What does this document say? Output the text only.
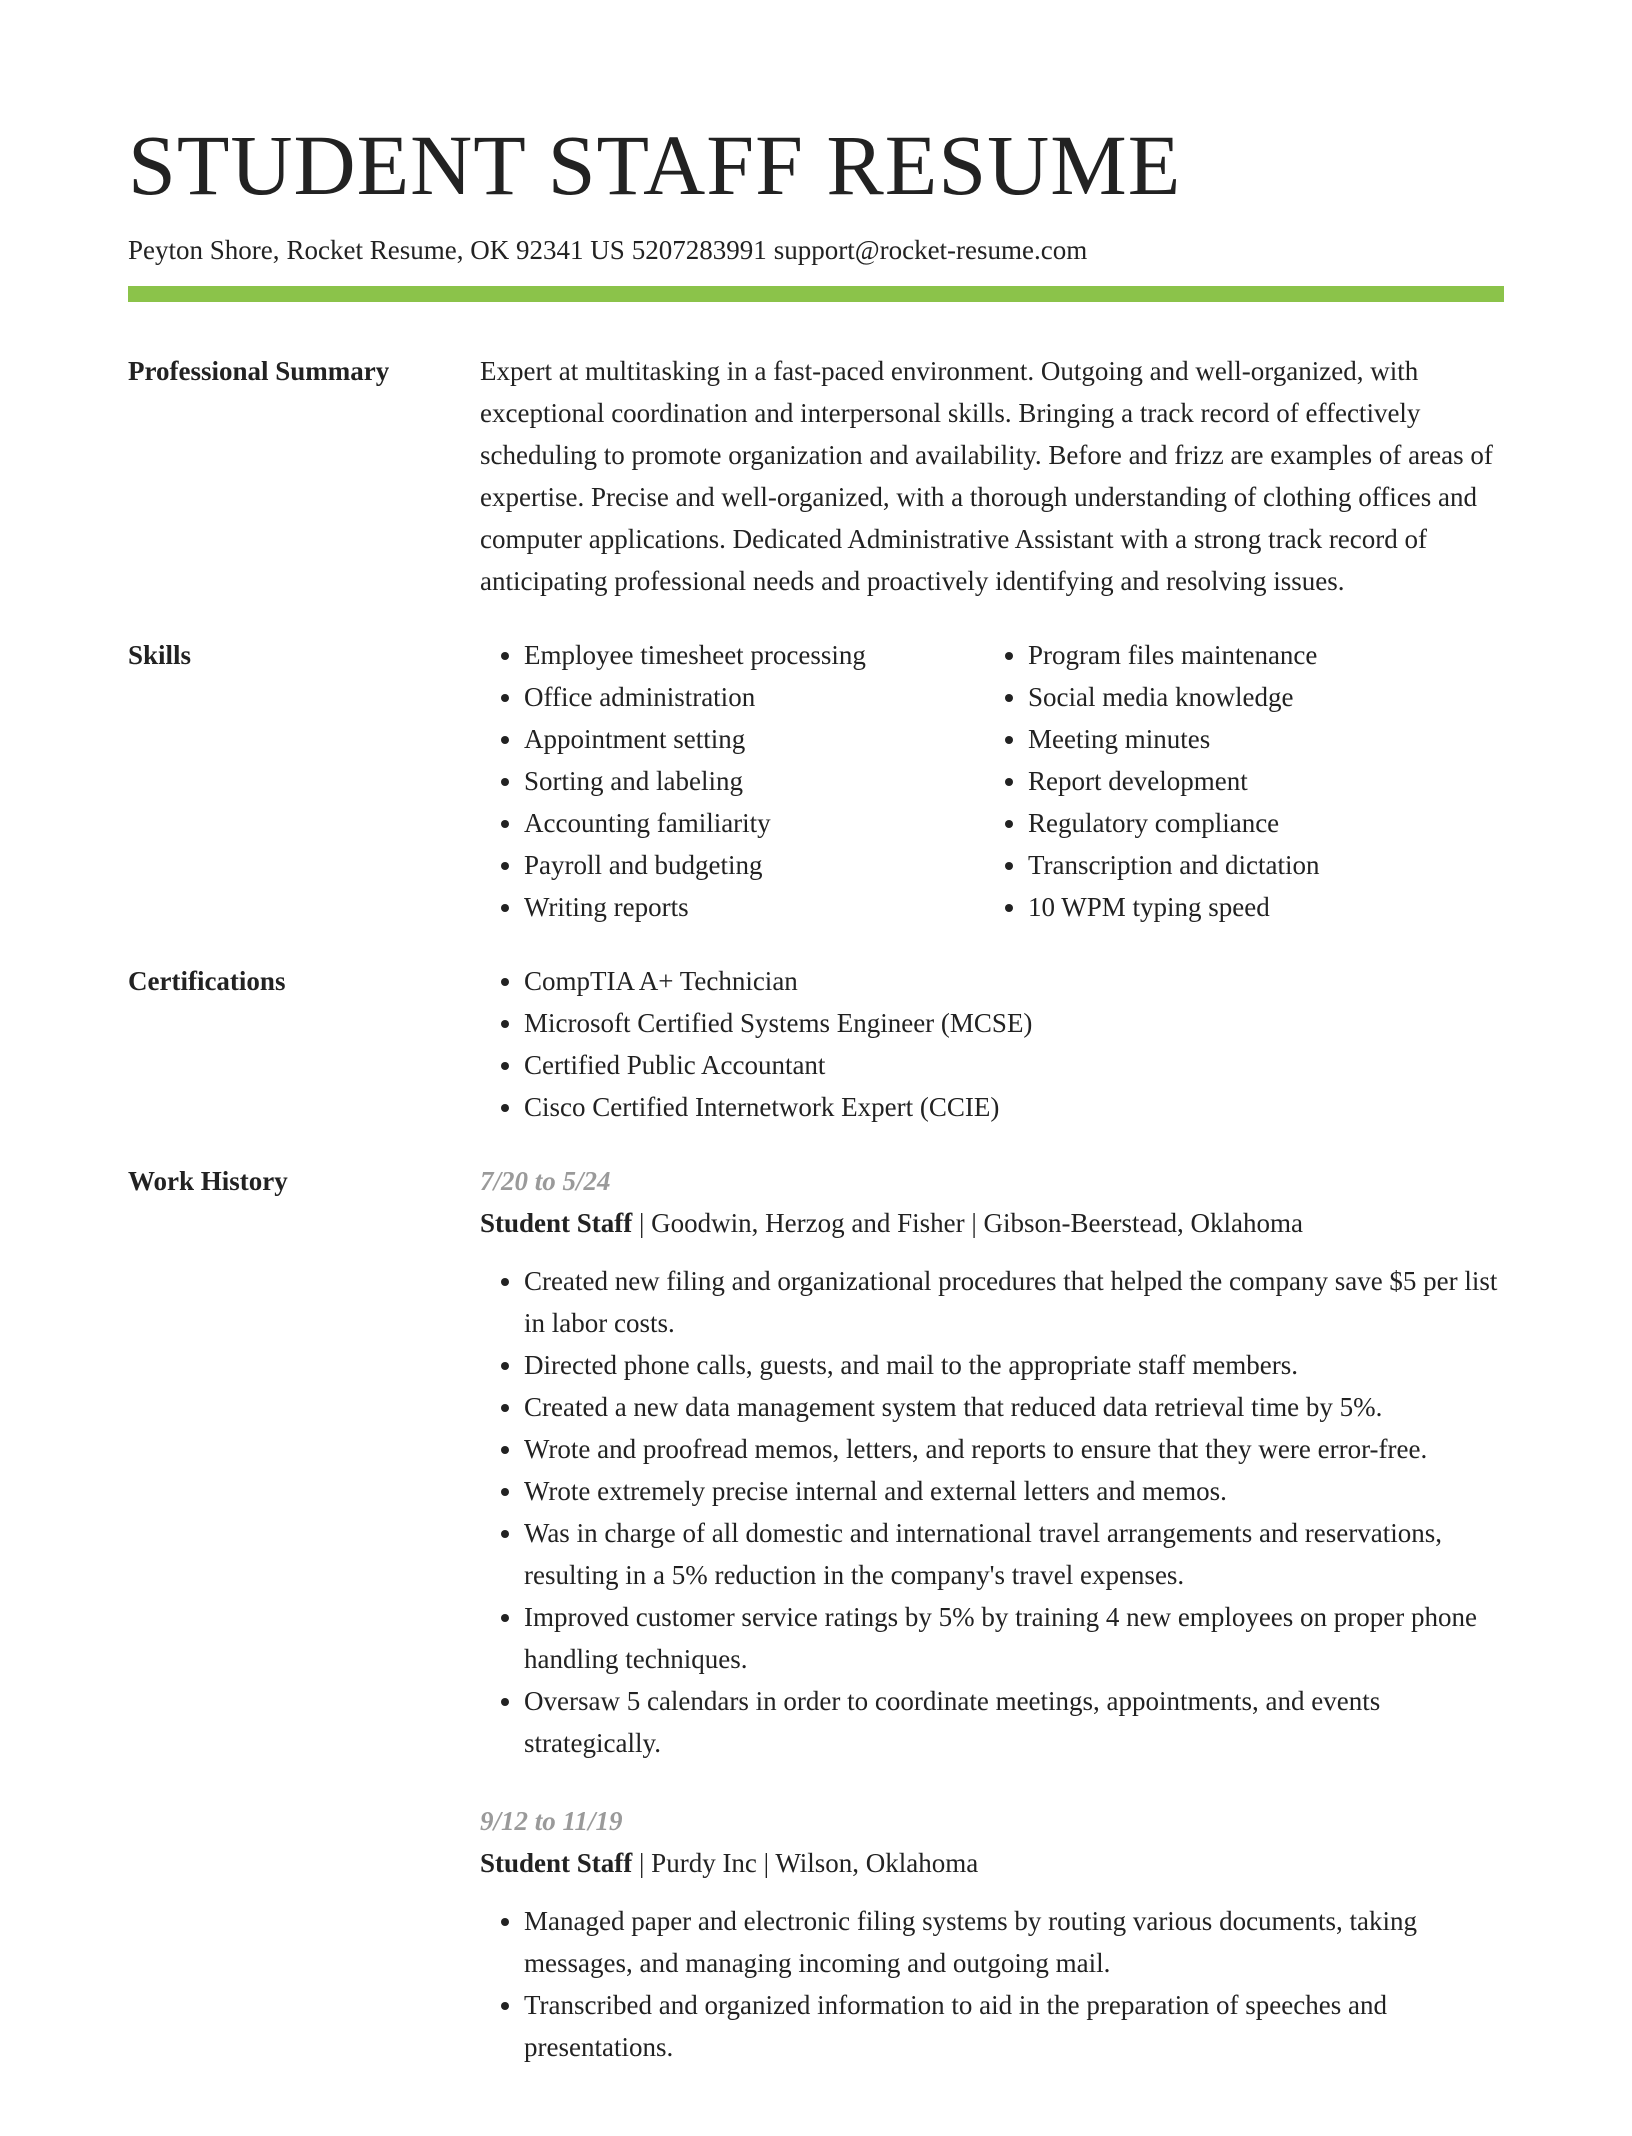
STUDENT STAFF RESUME
Peyton Shore, Rocket Resume, OK 92341 US 5207283991 support@rocket-resume.com
Professional Summary	Expert at multitasking in a fast-paced environment. Outgoing and well-organized, with exceptional coordination and interpersonal skills. Bringing a track record of effectively scheduling to promote organization and availability. Before and frizz are examples of areas of expertise. Precise and well-organized, with a thorough understanding of clothing offices and computer applications. Dedicated Administrative Assistant with a strong track record of anticipating professional needs and proactively identifying and resolving issues.

Skills	• Employee timesheet processing
• Office administration
• Appointment setting
• Sorting and labeling
• Accounting familiarity
• Payroll and budgeting
• Writing reports
• Program files maintenance
• Social media knowledge
• Meeting minutes
• Report development
• Regulatory compliance
• Transcription and dictation
• 10 WPM typing speed
Certifications	• CompTIA A+ Technician
• Microsoft Certified Systems Engineer (MCSE)
• Certified Public Accountant
• Cisco Certified Internetwork Expert (CCIE)
Work History	7/20 to 5/24
Student Staff | Goodwin, Herzog and Fisher | Gibson-Beerstead, Oklahoma
• Created new filing and organizational procedures that helped the company save $5 per list in labor costs.
• Directed phone calls, guests, and mail to the appropriate staff members.
• Created a new data management system that reduced data retrieval time by 5%.
• Wrote and proofread memos, letters, and reports to ensure that they were error-free.
• Wrote extremely precise internal and external letters and memos.
• Was in charge of all domestic and international travel arrangements and reservations, resulting in a 5% reduction in the company's travel expenses.
• Improved customer service ratings by 5% by training 4 new employees on proper phone handling techniques.
• Oversaw 5 calendars in order to coordinate meetings, appointments, and events strategically.
9/12 to 11/19
Student Staff | Purdy Inc | Wilson, Oklahoma
• Managed paper and electronic filing systems by routing various documents, taking messages, and managing incoming and outgoing mail.
• Transcribed and organized information to aid in the preparation of speeches and presentations.
